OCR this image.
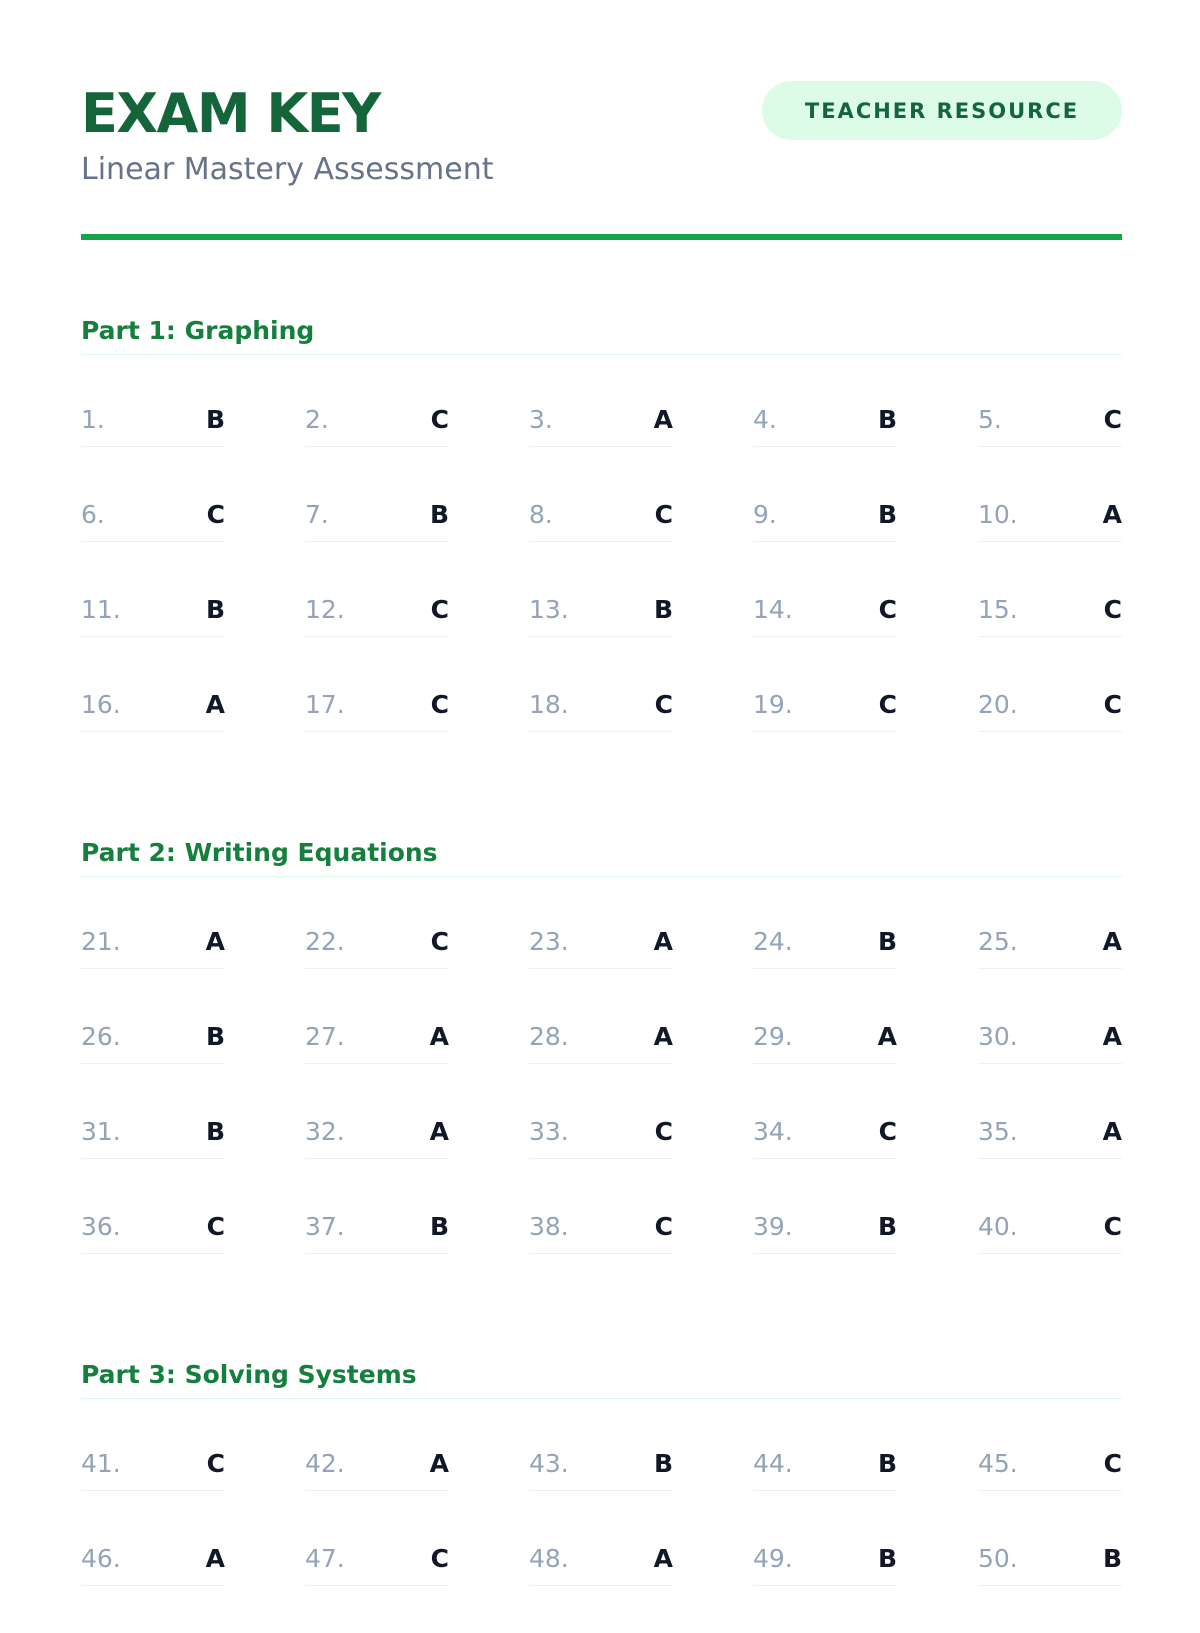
EXAM KEY

Linear Mastery Assessment

TEACHER RESOURCE
Part 1: Graphing
1.	B	2.	C	3.	A	4.	B	5.	C
6.	C	7.	B	8.	C	9.	B	10.	A
11.	B	12.	C	13.	B	14.	C	15.	C
16.	A	17.	C	18.	C	19.	C	20.	C
Part 2: Writing Equations
21.	A	22.	C	23.	A	24.	B	25.	A
26.	B	27.	A	28.	A	29.	A	30.	A
31.	B	32.	A	33.	C	34.	C	35.	A
36.	C	37.	B	38.	C	39.	B	40.	C
Part 3: Solving Systems
41.	C	42.	A	43.	B	44.	B	45.	C
46.	A	47.	C	48.	A	49.	B	50.	B
